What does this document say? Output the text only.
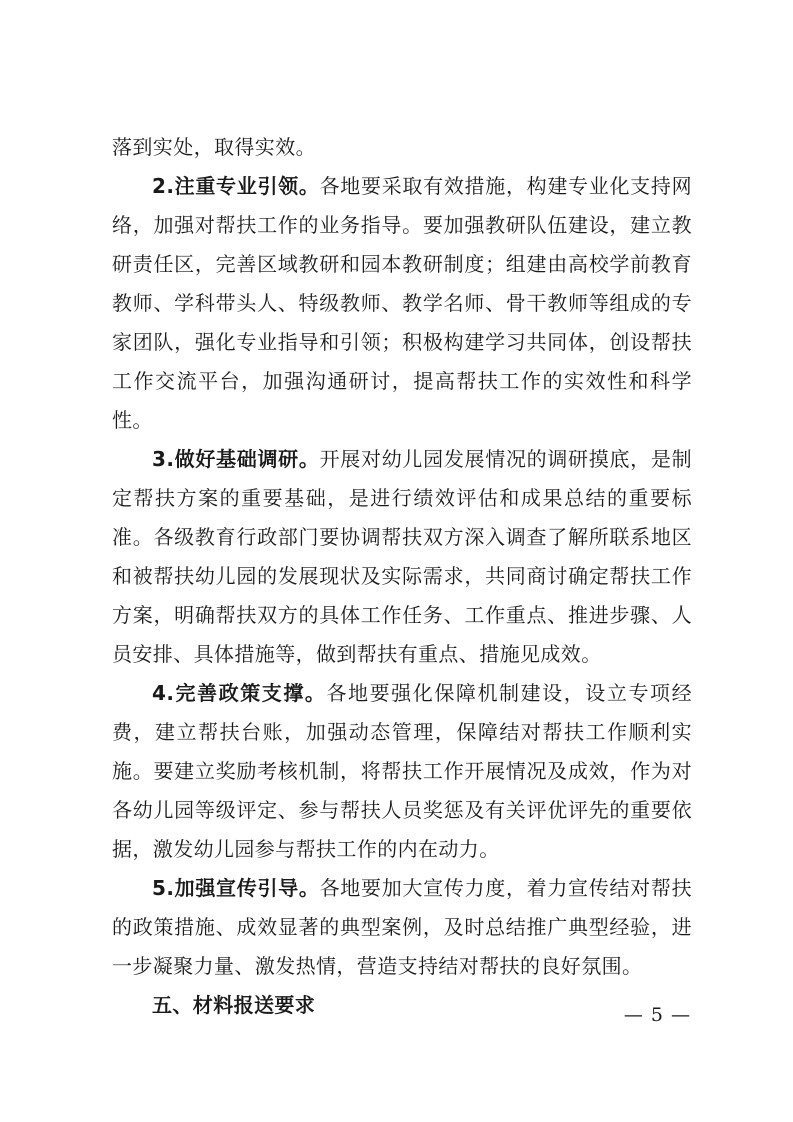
落到实处，取得实效。

2.注重专业引领。各地要采取有效措施，构建专业化支持网络，加强对帮扶工作的业务指导。要加强教研队伍建设，建立教研责任区，完善区域教研和园本教研制度；组建由高校学前教育教师、学科带头人、特级教师、教学名师、骨干教师等组成的专家团队，强化专业指导和引领；积极构建学习共同体，创设帮扶工作交流平台，加强沟通研讨，提高帮扶工作的实效性和科学性。

3.做好基础调研。开展对幼儿园发展情况的调研摸底，是制定帮扶方案的重要基础，是进行绩效评估和成果总结的重要标准。各级教育行政部门要协调帮扶双方深入调查了解所联系地区和被帮扶幼儿园的发展现状及实际需求，共同商讨确定帮扶工作方案，明确帮扶双方的具体工作任务、工作重点、推进步骤、人员安排、具体措施等，做到帮扶有重点、措施见成效。

4.完善政策支撑。各地要强化保障机制建设，设立专项经费，建立帮扶台账，加强动态管理，保障结对帮扶工作顺利实施。要建立奖励考核机制，将帮扶工作开展情况及成效，作为对各幼儿园等级评定、参与帮扶人员奖惩及有关评优评先的重要依据，激发幼儿园参与帮扶工作的内在动力。

5.加强宣传引导。各地要加大宣传力度，着力宣传结对帮扶的政策措施、成效显著的典型案例，及时总结推广典型经验，进一步凝聚力量、激发热情，营造支持结对帮扶的良好氛围。

五、材料报送要求	— 5 —
